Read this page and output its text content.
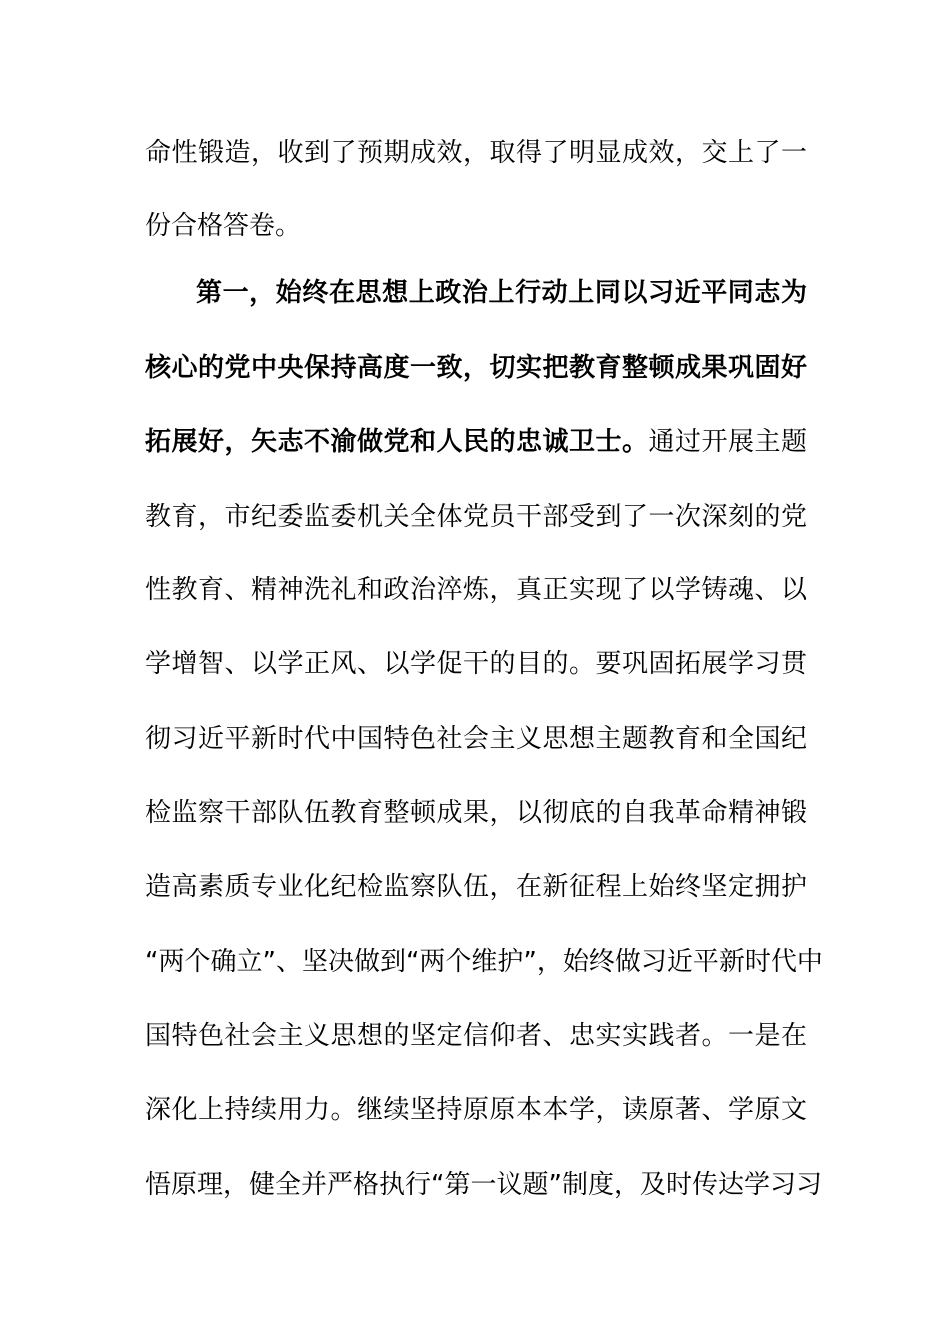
命性锻造，收到了预期成效，取得了明显成效，交上了一
份合格答卷。
第一，始终在思想上政治上行动上同以习近平同志为
核心的党中央保持高度一致，切实把教育整顿成果巩固好
拓展好，矢志不渝做党和人民的忠诚卫士。通过开展主题
教育，市纪委监委机关全体党员干部受到了一次深刻的党
性教育、精神洗礼和政治淬炼，真正实现了以学铸魂、以
学增智、以学正风、以学促干的目的。要巩固拓展学习贯
彻习近平新时代中国特色社会主义思想主题教育和全国纪
检监察干部队伍教育整顿成果，以彻底的自我革命精神锻
造高素质专业化纪检监察队伍，在新征程上始终坚定拥护
“两个确立”、坚决做到“两个维护”，始终做习近平新时代中
国特色社会主义思想的坚定信仰者、忠实实践者。一是在
深化上持续用力。继续坚持原原本本学，读原著、学原文
悟原理，健全并严格执行“第一议题”制度，及时传达学习习
